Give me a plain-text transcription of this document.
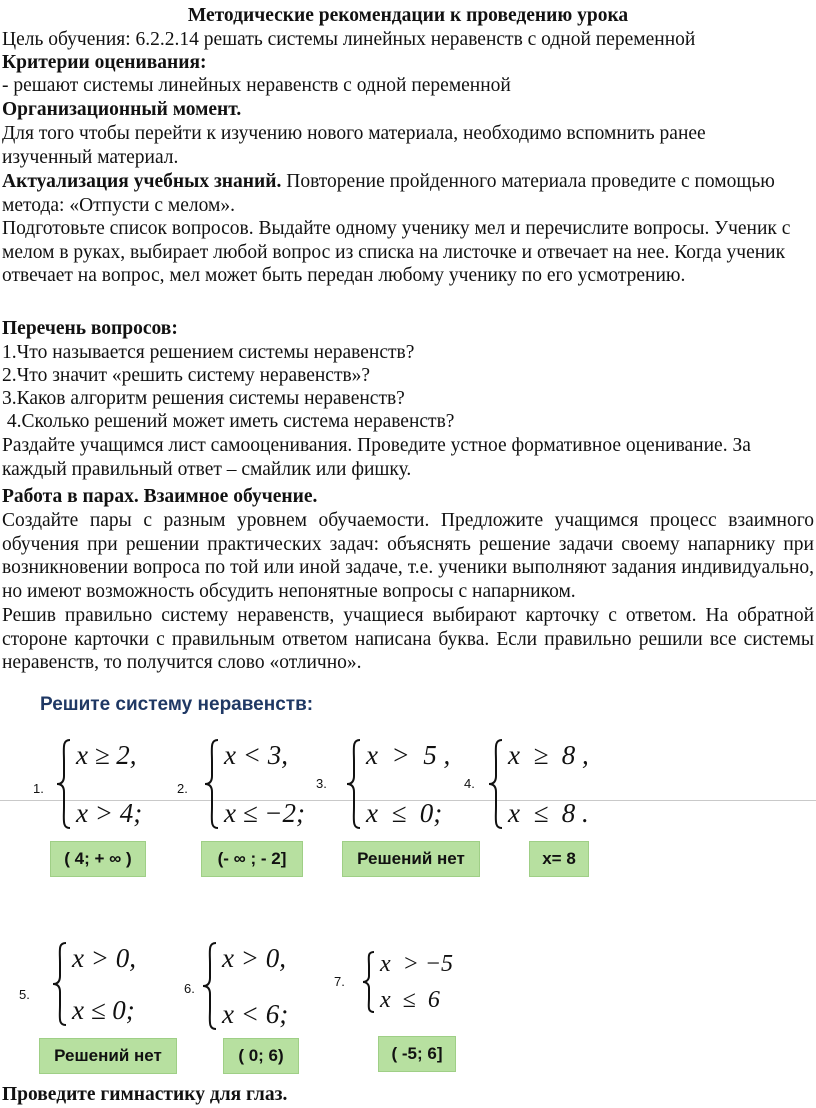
Методические рекомендации к проведению урока
Цель обучения: 6.2.2.14 решать системы линейных неравенств с одной переменной
Критерии оценивания:
- решают системы линейных неравенств с одной переменной
Организационный момент.
Для того чтобы перейти к изучению нового материала, необходимо вспомнить ранее изученный материал.
Актуализация учебных знаний. Повторение пройденного материала проведите с помощью метода: «Отпусти с мелом».
Подготовьте список вопросов. Выдайте одному ученику мел и перечислите вопросы. Ученик с мелом в руках, выбирает любой вопрос из списка на листочке и отвечает на нее. Когда ученик отвечает на вопрос, мел может быть передан любому ученику по его усмотрению.
Перечень вопросов:
1.Что называется решением системы неравенств?
2.Что значит «решить систему неравенств»?
3.Каков алгоритм решения системы неравенств?
4.Сколько решений может иметь система неравенств?
Раздайте учащимся лист самооценивания. Проведите устное формативное оценивание. За каждый правильный ответ – смайлик или фишку.
Работа в парах. Взаимное обучение.
Создайте пары с разным уровнем обучаемости. Предложите учащимся процесс взаимного обучения при решении практических задач: объяснять решение задачи своему напарнику при возникновении вопроса по той или иной задаче, т.е. ученики выполняют задания индивидуально, но имеют возможность обсудить непонятные вопросы с напарником.
Решив правильно систему неравенств, учащиеся выбирают карточку с ответом. На обратной стороне карточки с правильным ответом написана буква. Если правильно решили все системы неравенств, то получится слово «отлично».
Решите систему неравенств:
1.
x ≥ 2,
x > 4;
2.
x < 3,
x ≤ −2;
3.
x  >  5 ,
x  ≤  0;
4.
x  ≥  8 ,
x  ≤  8 .
( 4; + ∞ )	(- ∞ ; - 2]	Решений нет	x= 8
5.
x > 0,
x ≤ 0;
6.
x > 0,
x < 6;
7.
x  > −5
x  ≤  6
Решений нет	( 0; 6)	( -5; 6]
Проведите гимнастику для глаз.
